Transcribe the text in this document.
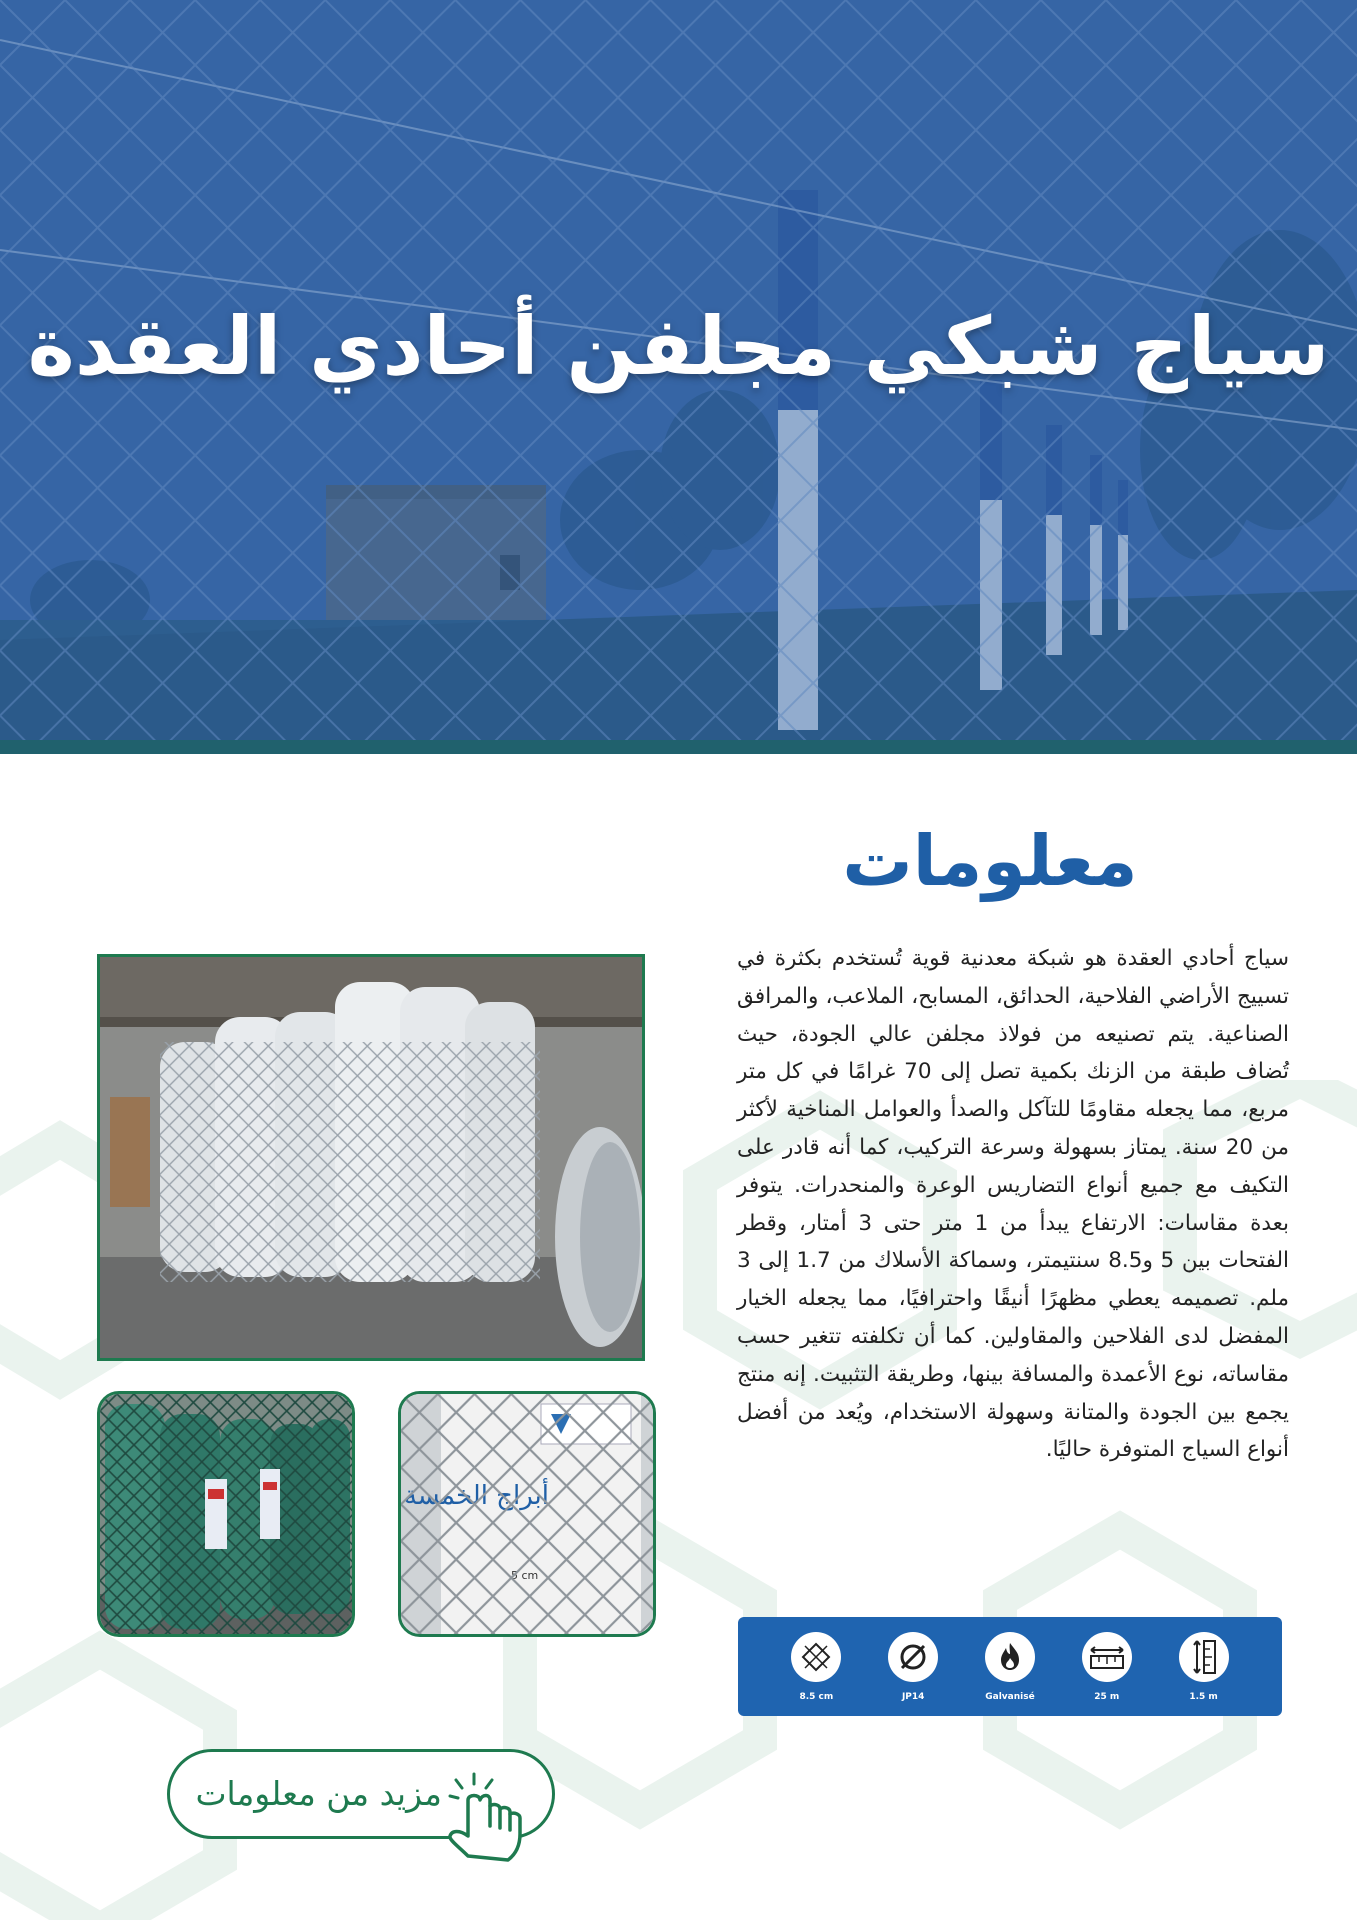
سياج شبكي مجلفن أحادي العقدة
معلومات
سياج أحادي العقدة هو شبكة معدنية قوية تُستخدم بكثرة في تسييج الأراضي الفلاحية، الحدائق، المسابح، الملاعب، والمرافق الصناعية. يتم تصنيعه من فولاذ مجلفن عالي الجودة، حيث تُضاف طبقة من الزنك بكمية تصل إلى 70 غرامًا في كل متر مربع، مما يجعله مقاومًا للتآكل والصدأ والعوامل المناخية لأكثر من 20 سنة. يمتاز بسهولة وسرعة التركيب، كما أنه قادر على التكيف مع جميع أنواع التضاريس الوعرة والمنحدرات. يتوفر بعدة مقاسات: الارتفاع يبدأ من 1 متر حتى 3 أمتار، وقطر الفتحات بين 5 و8.5 سنتيمتر، وسماكة الأسلاك من 1.7 إلى 3 ملم. تصميمه يعطي مظهرًا أنيقًا واحترافيًا، مما يجعله الخيار المفضل لدى الفلاحين والمقاولين. كما أن تكلفته تتغير حسب مقاساته، نوع الأعمدة والمسافة بينها، وطريقة التثبيت. إنه منتج يجمع بين الجودة والمتانة وسهولة الاستخدام، ويُعد من أفضل أنواع السياج المتوفرة حاليًا.
8.5 cm	JP14	Galvanisé	25 m	1.5 m
مزيد من معلومات
